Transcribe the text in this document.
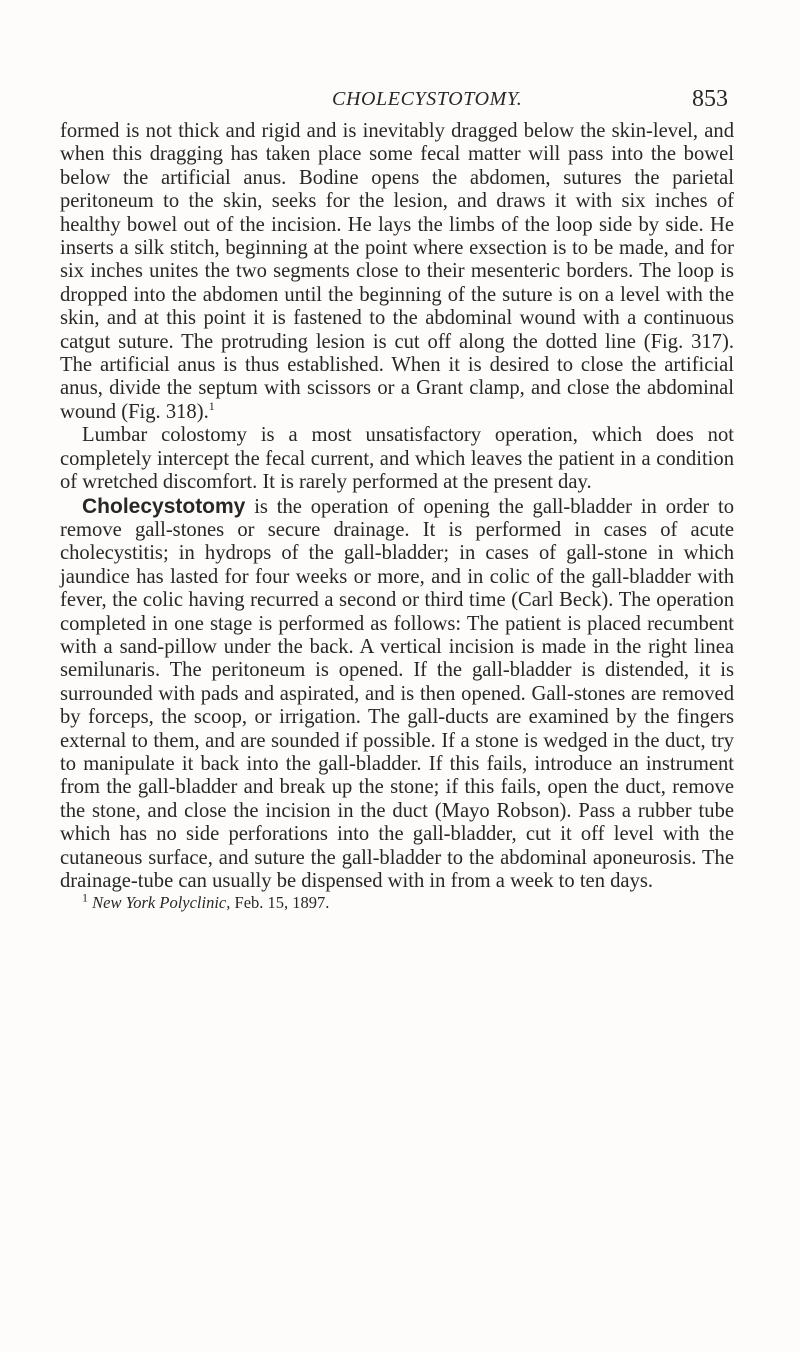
CHOLECYSTOTOMY.	853

formed is not thick and rigid and is inevitably dragged below the skin-level, and when this dragging has taken place some fecal matter will pass into the bowel below the artificial anus. Bodine opens the abdomen, sutures the parietal peritoneum to the skin, seeks for the lesion, and draws it with six inches of healthy bowel out of the incision. He lays the limbs of the loop side by side. He inserts a silk stitch, beginning at the point where exsection is to be made, and for six inches unites the two segments close to their mesenteric borders. The loop is dropped into the abdomen until the beginning of the suture is on a level with the skin, and at this point it is fastened to the abdominal wound with a continuous catgut suture. The protruding lesion is cut off along the dotted line (Fig. 317). The artificial anus is thus established. When it is desired to close the artificial anus, divide the septum with scissors or a Grant clamp, and close the abdominal wound (Fig. 318).$^1$

Lumbar colostomy is a most unsatisfactory operation, which does not completely intercept the fecal current, and which leaves the patient in a condition of wretched discomfort. It is rarely performed at the present day.

Cholecystotomy is the operation of opening the gall-bladder in order to remove gall-stones or secure drainage. It is performed in cases of acute cholecystitis; in hydrops of the gall-bladder; in cases of gall-stone in which jaundice has lasted for four weeks or more, and in colic of the gall-bladder with fever, the colic having recurred a second or third time (Carl Beck). The operation completed in one stage is performed as follows: The patient is placed recumbent with a sand-pillow under the back. A vertical incision is made in the right linea semilunaris. The peritoneum is opened. If the gall-bladder is distended, it is surrounded with pads and aspirated, and is then opened. Gall-stones are removed by forceps, the scoop, or irrigation. The gall-ducts are examined by the fingers external to them, and are sounded if possible. If a stone is wedged in the duct, try to manipulate it back into the gall-bladder. If this fails, introduce an instrument from the gall-bladder and break up the stone; if this fails, open the duct, remove the stone, and close the incision in the duct (Mayo Robson). Pass a rubber tube which has no side perforations into the gall-bladder, cut it off level with the cutaneous surface, and suture the gall-bladder to the abdominal aponeurosis. The drainage-tube can usually be dispensed with in from a week to ten days.

$^1$ New York Polyclinic, Feb. 15, 1897.
